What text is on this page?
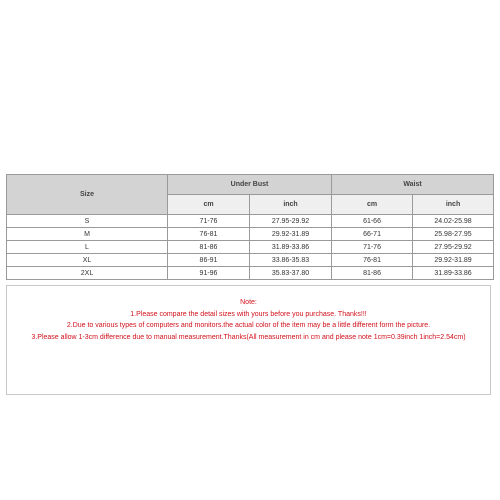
Size	Under Bust		Waist	
	cm	inch	cm	inch
S	71-76	27.95-29.92	61-66	24.02-25.98
M	76-81	29.92-31.89	66-71	25.98-27.95
L	81-86	31.89-33.86	71-76	27.95-29.92
XL	86-91	33.86-35.83	76-81	29.92-31.89
2XL	91-96	35.83-37.80	81-86	31.89-33.86
Note:
1.Please compare the detail sizes with yours before you purchase. Thanks!!!
2.Due to various types of computers and monitors.the actual color of the item may be a little different form the picture.
3.Please allow 1-3cm difference due to manual measurement.Thanks(All measurement in cm and please note 1cm=0.39inch 1inch=2.54cm)
